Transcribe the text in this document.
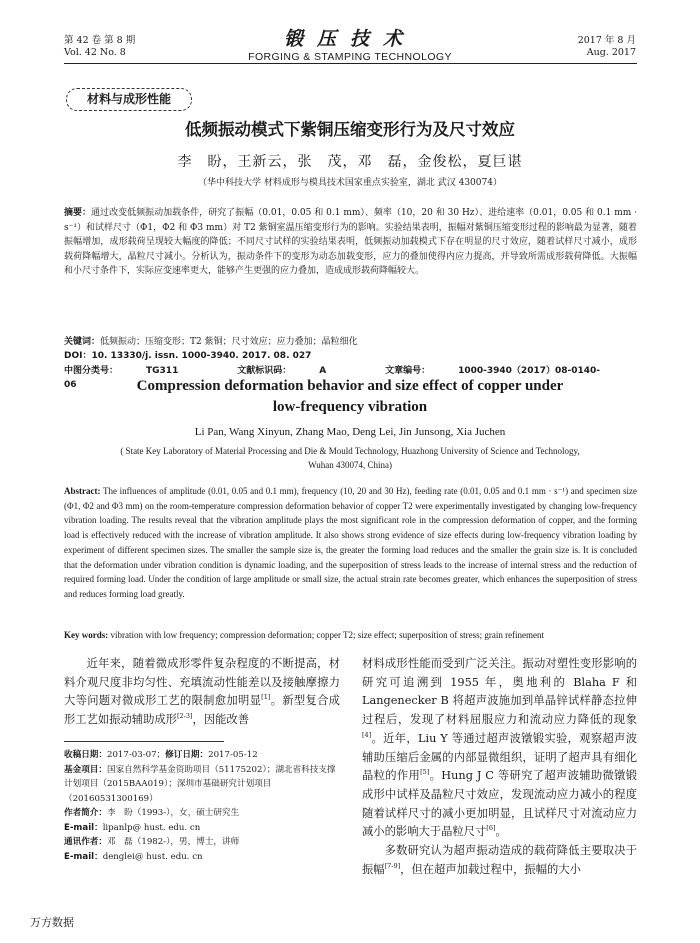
第 42 卷 第 8 期
Vol. 42 No. 8
锻压技术
FORGING & STAMPING TECHNOLOGY
2017 年 8 月
Aug. 2017
材料与成形性能
低频振动模式下紫铜压缩变形行为及尺寸效应
李　盼，王新云，张　茂，邓　磊，金俊松，夏巨谌
（华中科技大学 材料成形与模具技术国家重点实验室，湖北 武汉 430074）
摘要：通过改变低频振动加载条件，研究了振幅（0.01，0.05 和 0.1 mm）、频率（10，20 和 30 Hz）、进给速率（0.01，0.05 和 0.1 mm · s⁻¹）和试样尺寸（Φ1，Φ2 和 Φ3 mm）对 T2 紫铜室温压缩变形行为的影响。实验结果表明，振幅对紫铜压缩变形过程的影响最为显著，随着振幅增加，成形载荷呈现较大幅度的降低；不同尺寸试样的实验结果表明，低频振动加载模式下存在明显的尺寸效应，随着试样尺寸减小，成形载荷降幅增大，晶粒尺寸减小。分析认为，振动条件下的变形为动态加载变形，应力的叠加使得内应力提高，并导致所需成形载荷降低。大振幅和小尺寸条件下，实际应变速率更大，能够产生更强的应力叠加，造成成形载荷降幅较大。
关键词：低频振动；压缩变形；T2 紫铜；尺寸效应；应力叠加；晶粒细化
DOI：10. 13330/j. issn. 1000-3940. 2017. 08. 027
中图分类号：	TG311	文献标识码：	A	文章编号：	1000-3940（2017）08-0140-06	Compression deformation behavior and size effect of copper under
low-frequency vibration
Li Pan, Wang Xinyun, Zhang Mao, Deng Lei, Jin Junsong, Xia Juchen
( State Key Laboratory of Material Processing and Die & Mould Technology, Huazhong University of Science and Technology,
Wuhan 430074, China)
Abstract: The influences of amplitude (0.01, 0.05 and 0.1 mm), frequency (10, 20 and 30 Hz), feeding rate (0.01, 0.05 and 0.1 mm · s⁻¹) and specimen size (Φ1, Φ2 and Φ3 mm) on the room-temperature compression deformation behavior of copper T2 were experimentally investigated by changing low-frequency vibration loading. The results reveal that the vibration amplitude plays the most significant role in the compression deformation of copper, and the forming load is effectively reduced with the increase of vibration amplitude. It also shows strong evidence of size effects during low-frequency vibration loading by experiment of different specimen sizes. The smaller the sample size is, the greater the forming load reduces and the smaller the grain size is. It is concluded that the deformation under vibration condition is dynamic loading, and the superposition of stress leads to the increase of internal stress and the reduction of required forming load. Under the condition of large amplitude or small size, the actual strain rate becomes greater, which enhances the superposition of stress and reduces forming load greatly.
Key words: vibration with low frequency; compression deformation; copper T2; size effect; superposition of stress; grain refinement

近年来，随着微成形零件复杂程度的不断提高，材料介观尺度非均匀性、充填流动性能差以及接触摩擦力大等问题对微成形工艺的限制愈加明显[1]。新型复合成形工艺如振动辅助成形[2-3]，因能改善

收稿日期：2017-03-07；修订日期：2017-05-12
基金项目：国家自然科学基金资助项目（51175202）；湖北省科技支撑计划项目（2015BAA019）；深圳市基础研究计划项目（20160531300169）
作者简介：李　盼（1993-），女，硕士研究生
E-mail：lipanlp@ hust. edu. cn
通讯作者：邓　磊（1982-），男，博士，讲师
E-mail：denglei@ hust. edu. cn

材料成形性能而受到广泛关注。振动对塑性变形影响的研究可追溯到 1955 年，奥地利的 Blaha F 和 Langenecker B 将超声波施加到单晶锌试样静态拉伸过程后，发现了材料屈服应力和流动应力降低的现象[4]。近年，Liu Y 等通过超声波镦锻实验，观察超声波辅助压缩后金属的内部显微组织，证明了超声具有细化晶粒的作用[5]。Hung J C 等研究了超声波辅助微镦锻成形中试样及晶粒尺寸效应，发现流动应力减小的程度随着试样尺寸的减小更加明显，且试样尺寸对流动应力减小的影响大于晶粒尺寸[6]。

多数研究认为超声振动造成的载荷降低主要取决于振幅[7-9]，但在超声加载过程中，振幅的大小

万方数据
